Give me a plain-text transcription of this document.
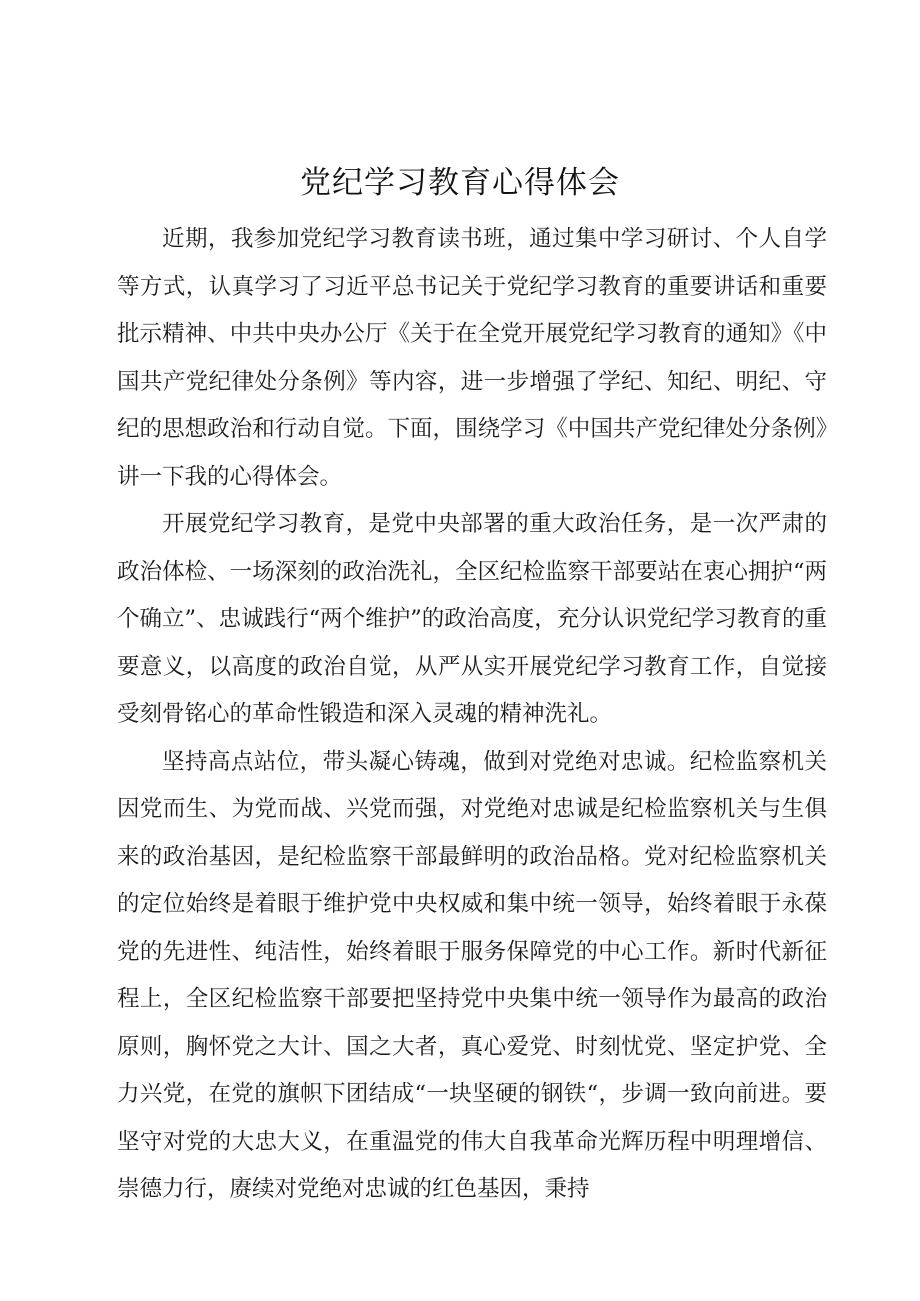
党纪学习教育心得体会

近期，我参加党纪学习教育读书班，通过集中学习研讨、个人自学等方式，认真学习了习近平总书记关于党纪学习教育的重要讲话和重要批示精神、中共中央办公厅《关于在全党开展党纪学习教育的通知》《中国共产党纪律处分条例》等内容，进一步增强了学纪、知纪、明纪、守纪的思想政治和行动自觉。下面，围绕学习《中国共产党纪律处分条例》讲一下我的心得体会。

开展党纪学习教育，是党中央部署的重大政治任务，是一次严肃的政治体检、一场深刻的政治洗礼，全区纪检监察干部要站在衷心拥护“两个确立”、忠诚践行“两个维护”的政治高度，充分认识党纪学习教育的重要意义，以高度的政治自觉，从严从实开展党纪学习教育工作，自觉接受刻骨铭心的革命性锻造和深入灵魂的精神洗礼。

坚持高点站位，带头凝心铸魂，做到对党绝对忠诚。纪检监察机关因党而生、为党而战、兴党而强，对党绝对忠诚是纪检监察机关与生俱来的政治基因，是纪检监察干部最鲜明的政治品格。党对纪检监察机关的定位始终是着眼于维护党中央权威和集中统一领导，始终着眼于永葆党的先进性、纯洁性，始终着眼于服务保障党的中心工作。新时代新征程上，全区纪检监察干部要把坚持党中央集中统一领导作为最高的政治原则，胸怀党之大计、国之大者，真心爱党、时刻忧党、坚定护党、全力兴党，在党的旗帜下团结成“一块坚硬的钢铁“，步调一致向前进。要坚守对党的大忠大义，在重温党的伟大自我革命光辉历程中明理增信、崇德力行，赓续对党绝对忠诚的红色基因，秉持
